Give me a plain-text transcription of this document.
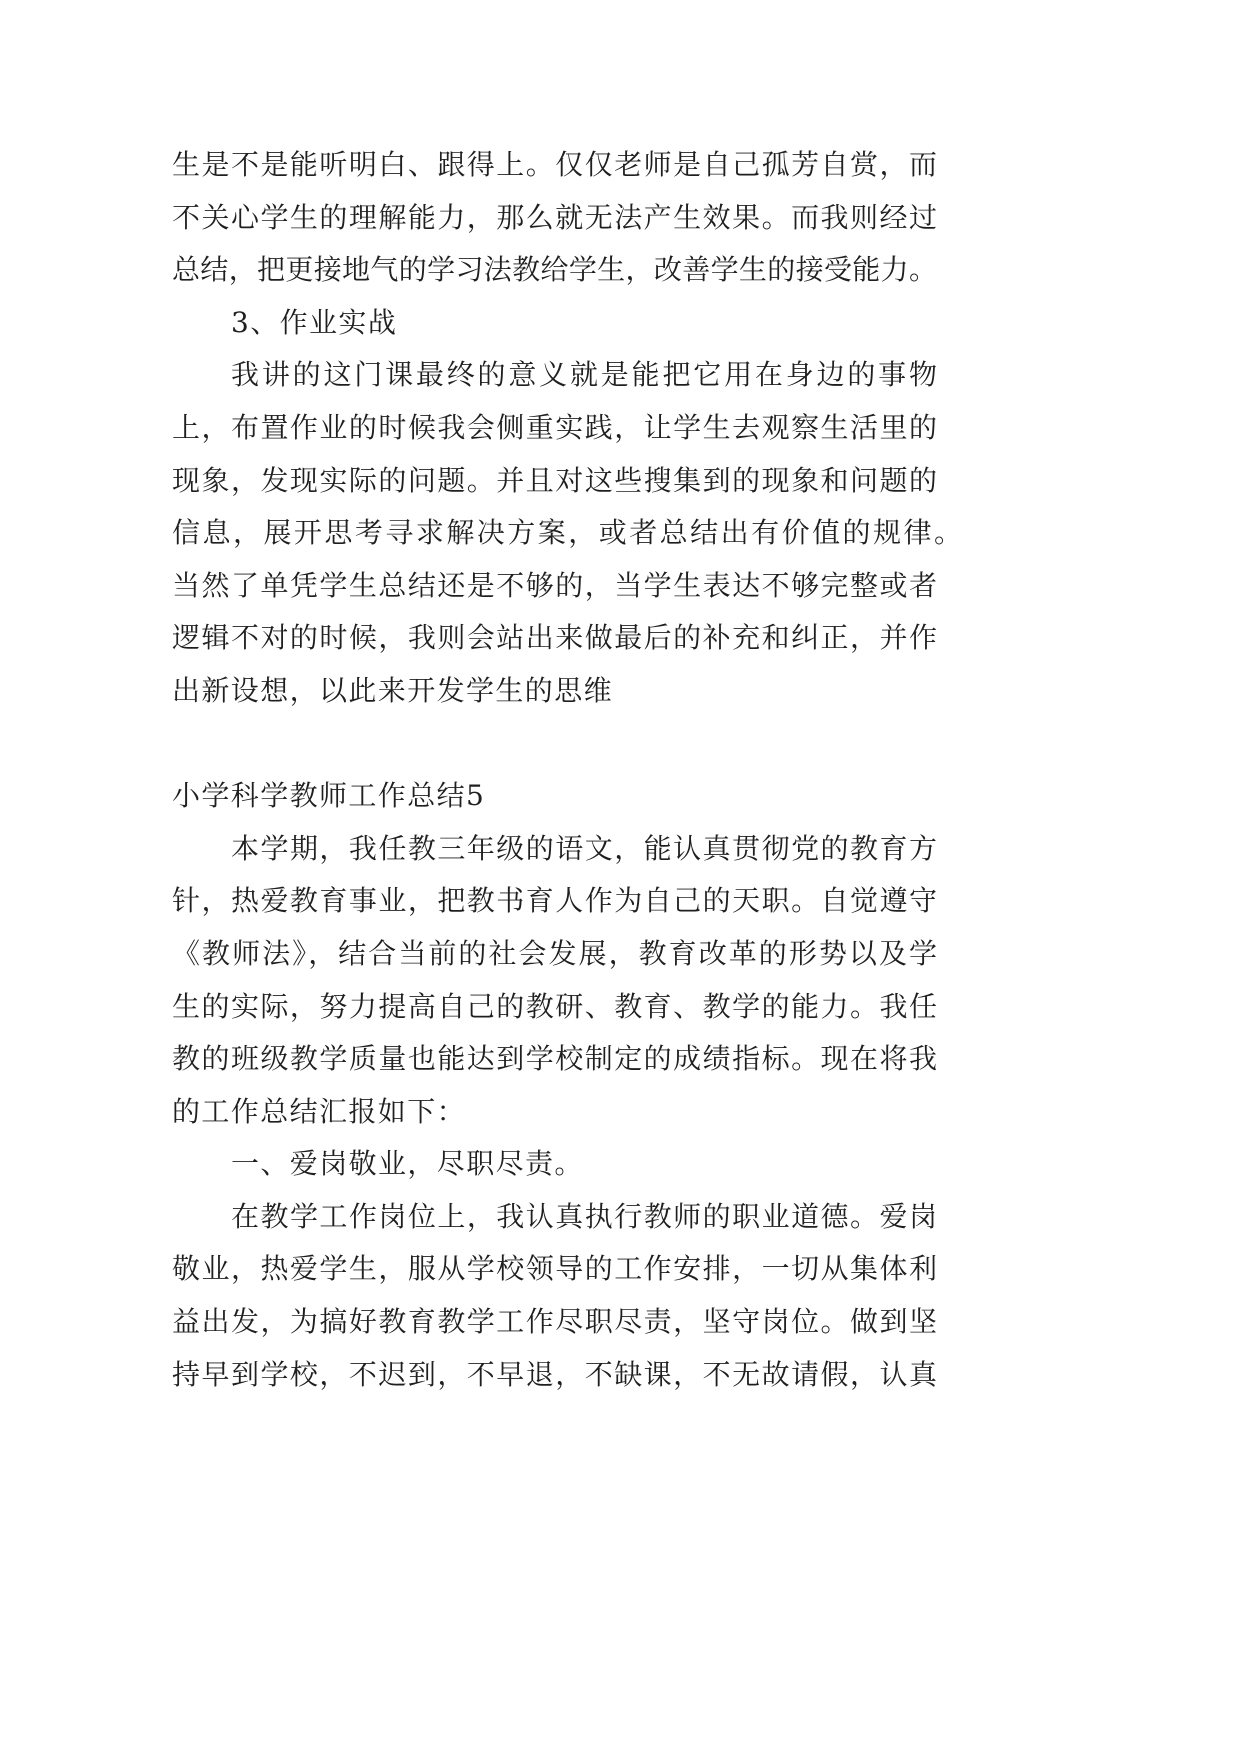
生是不是能听明白、跟得上。仅仅老师是自己孤芳自赏，而
不关心学生的理解能力，那么就无法产生效果。而我则经过
总结，把更接地气的学习法教给学生，改善学生的接受能力。
3、作业实战
我讲的这门课最终的意义就是能把它用在身边的事物
上，布置作业的时候我会侧重实践，让学生去观察生活里的
现象，发现实际的问题。并且对这些搜集到的现象和问题的
信息，展开思考寻求解决方案，或者总结出有价值的规律。
当然了单凭学生总结还是不够的，当学生表达不够完整或者
逻辑不对的时候，我则会站出来做最后的补充和纠正，并作
出新设想，以此来开发学生的思维
小学科学教师工作总结5
本学期，我任教三年级的语文，能认真贯彻党的教育方
针，热爱教育事业，把教书育人作为自己的天职。自觉遵守
《教师法》，结合当前的社会发展，教育改革的形势以及学
生的实际，努力提高自己的教研、教育、教学的能力。我任
教的班级教学质量也能达到学校制定的成绩指标。现在将我
的工作总结汇报如下：
一、爱岗敬业，尽职尽责。
在教学工作岗位上，我认真执行教师的职业道德。爱岗
敬业，热爱学生，服从学校领导的工作安排，一切从集体利
益出发，为搞好教育教学工作尽职尽责，坚守岗位。做到坚
持早到学校，不迟到，不早退，不缺课，不无故请假，认真
